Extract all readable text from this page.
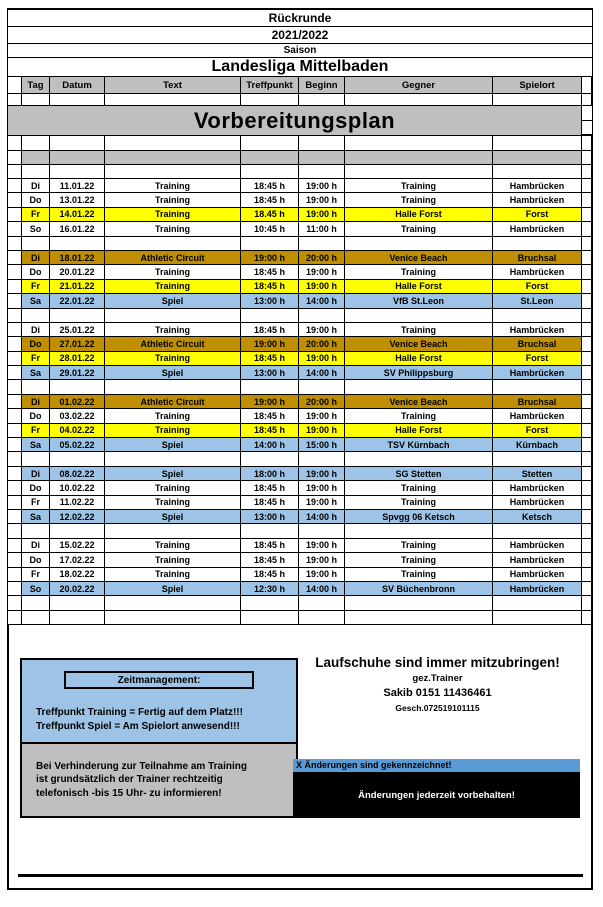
Rückrunde
2021/2022
Saison
Landesliga Mittelbaden
Tag	Datum	Text	Treffpunkt	Beginn	Gegner	Spielort
Vorbereitungsplan
Di	11.01.22	Training	18:45 h	19:00 h	Training	Hambrücken
Do	13.01.22	Training	18:45 h	19:00 h	Training	Hambrücken
Fr	14.01.22	Training	18.45 h	19:00 h	Halle Forst	Forst
So	16.01.22	Training	10:45 h	11:00 h	Training	Hambrücken
Di	18.01.22	Athletic Circuit	19:00 h	20:00 h	Venice Beach	Bruchsal
Do	20.01.22	Training	18:45 h	19:00 h	Training	Hambrücken
Fr	21.01.22	Training	18:45 h	19:00 h	Halle Forst	Forst
Sa	22.01.22	Spiel	13:00 h	14:00 h	VfB St.Leon	St.Leon
Di	25.01.22	Training	18:45 h	19:00 h	Training	Hambrücken
Do	27.01.22	Athletic Circuit	19:00 h	20:00 h	Venice Beach	Bruchsal
Fr	28.01.22	Training	18:45 h	19:00 h	Halle Forst	Forst
Sa	29.01.22	Spiel	13:00 h	14:00 h	SV Philippsburg	Hambrücken
Di	01.02.22	Athletic Circuit	19:00 h	20:00 h	Venice Beach	Bruchsal
Do	03.02.22	Training	18:45 h	19:00 h	Training	Hambrücken
Fr	04.02.22	Training	18:45 h	19:00 h	Halle Forst	Forst
Sa	05.02.22	Spiel	14:00 h	15:00 h	TSV Kürnbach	Kürnbach
Di	08.02.22	Spiel	18:00 h	19:00 h	SG Stetten	Stetten
Do	10.02.22	Training	18:45 h	19:00 h	Training	Hambrücken
Fr	11.02.22	Training	18:45 h	19:00 h	Training	Hambrücken
Sa	12.02.22	Spiel	13:00 h	14:00 h	Spvgg 06 Ketsch	Ketsch
Di	15.02.22	Training	18:45 h	19:00 h	Training	Hambrücken
Do	17.02.22	Training	18:45 h	19:00 h	Training	Hambrücken
Fr	18.02.22	Training	18:45 h	19:00 h	Training	Hambrücken
So	20.02.22	Spiel	12:30 h	14:00 h	SV Büchenbronn	Hambrücken
Zeitmanagement:
Treffpunkt Training = Fertig auf dem Platz!!!
Treffpunkt Spiel = Am Spielort anwesend!!!
Bei Verhinderung zur Teilnahme am Training
ist grundsätzlich der Trainer rechtzeitig
telefonisch -bis 15 Uhr- zu informieren!
Laufschuhe sind immer mitzubringen!
gez.Trainer
Sakib 0151 11436461
Gesch.072519101115
X Änderungen sind gekennzeichnet!
Änderungen jederzeit vorbehalten!
